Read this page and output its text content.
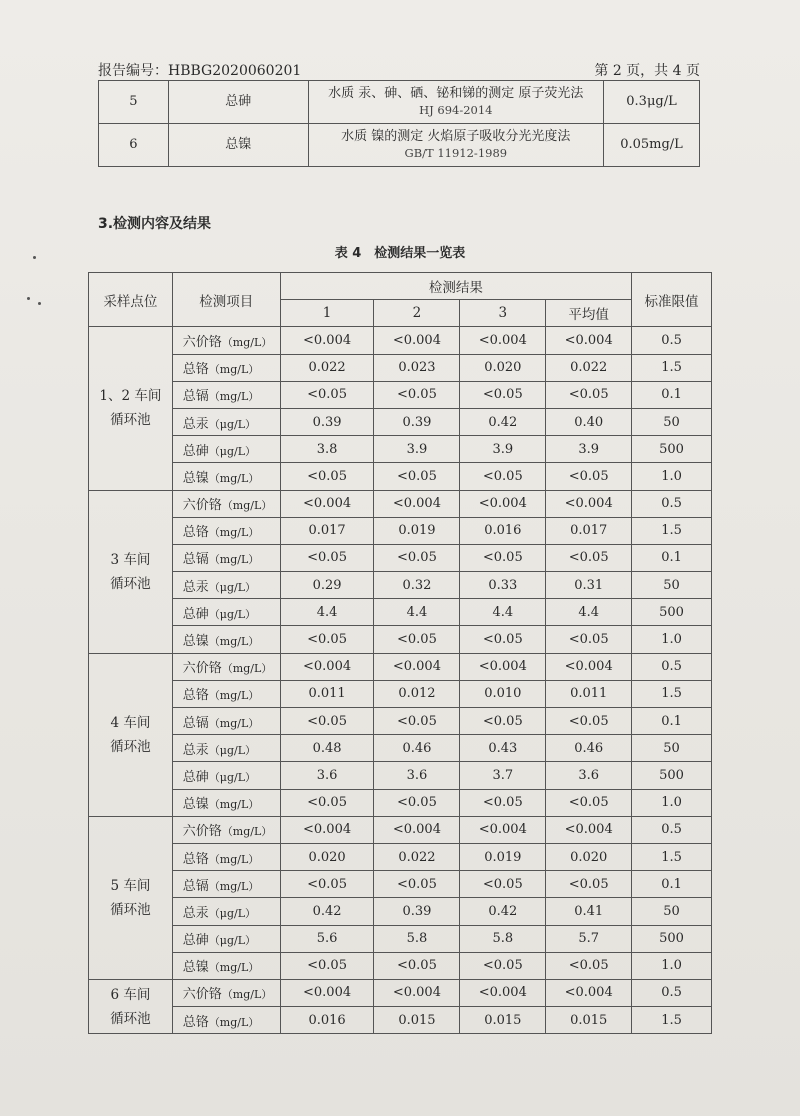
报告编号：HBBG2020060201	第 2 页，共 4 页
5	总砷	水质 汞、砷、硒、铋和锑的测定 原子荧光法
HJ 694-2014	0.3μg/L
6	总镍	水质 镍的测定 火焰原子吸收分光光度法
GB/T 11912-1989	0.05mg/L
3.检测内容及结果
表 4　检测结果一览表
采样点位	检测项目	检测结果				标准限值
		1	2	3	平均值	

1、2 车间
循环池	六价铬（mg/L）	<0.004	<0.004	<0.004	<0.004	0.5
	总铬（mg/L）	0.022	0.023	0.020	0.022	1.5
	总镉（mg/L）	<0.05	<0.05	<0.05	<0.05	0.1
	总汞（μg/L）	0.39	0.39	0.42	0.40	50
	总砷（μg/L）	3.8	3.9	3.9	3.9	500
	总镍（mg/L）	<0.05	<0.05	<0.05	<0.05	1.0

3 车间
循环池	六价铬（mg/L）	<0.004	<0.004	<0.004	<0.004	0.5
	总铬（mg/L）	0.017	0.019	0.016	0.017	1.5
	总镉（mg/L）	<0.05	<0.05	<0.05	<0.05	0.1
	总汞（μg/L）	0.29	0.32	0.33	0.31	50
	总砷（μg/L）	4.4	4.4	4.4	4.4	500
	总镍（mg/L）	<0.05	<0.05	<0.05	<0.05	1.0

4 车间
循环池	六价铬（mg/L）	<0.004	<0.004	<0.004	<0.004	0.5
	总铬（mg/L）	0.011	0.012	0.010	0.011	1.5
	总镉（mg/L）	<0.05	<0.05	<0.05	<0.05	0.1
	总汞（μg/L）	0.48	0.46	0.43	0.46	50
	总砷（μg/L）	3.6	3.6	3.7	3.6	500
	总镍（mg/L）	<0.05	<0.05	<0.05	<0.05	1.0

5 车间
循环池	六价铬（mg/L）	<0.004	<0.004	<0.004	<0.004	0.5
	总铬（mg/L）	0.020	0.022	0.019	0.020	1.5
	总镉（mg/L）	<0.05	<0.05	<0.05	<0.05	0.1
	总汞（μg/L）	0.42	0.39	0.42	0.41	50
	总砷（μg/L）	5.6	5.8	5.8	5.7	500
	总镍（mg/L）	<0.05	<0.05	<0.05	<0.05	1.0

6 车间
循环池	六价铬（mg/L）	<0.004	<0.004	<0.004	<0.004	0.5
	总铬（mg/L）	0.016	0.015	0.015	0.015	1.5
